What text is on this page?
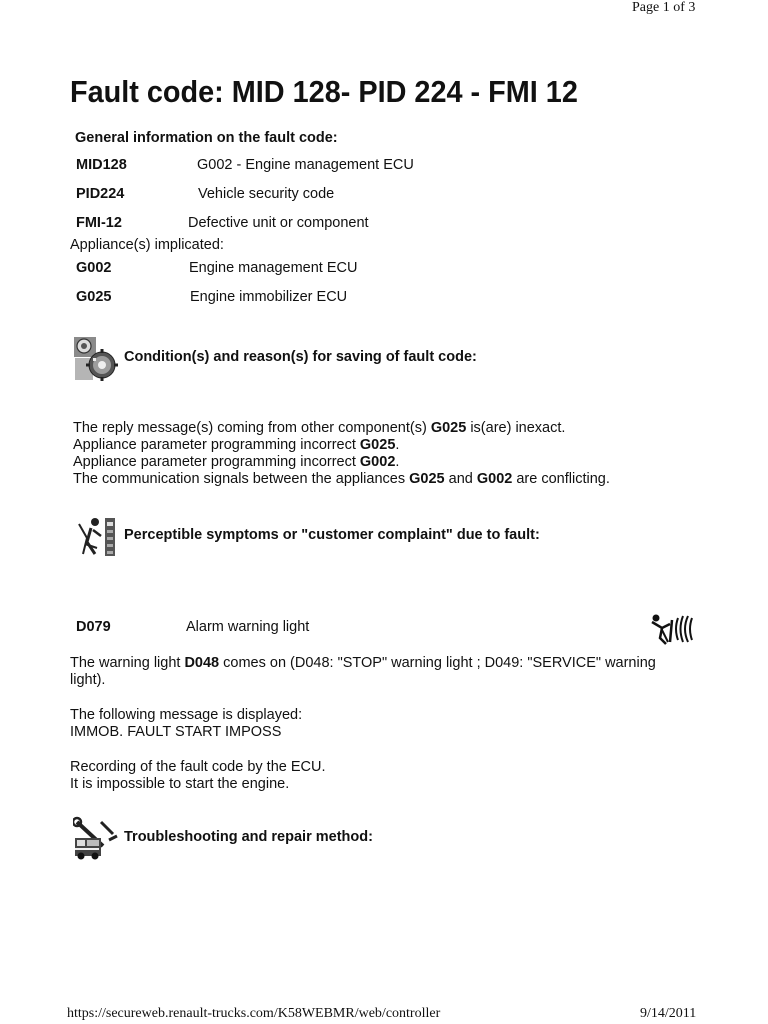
Page 1 of 3
Fault code: MID 128- PID 224 - FMI 12
General information on the fault code:
MID128	G002 - Engine management ECU
PID224	Vehicle security code
FMI-12	Defective unit or component
Appliance(s) implicated:
G002	Engine management ECU
G025	Engine immobilizer ECU
Condition(s) and reason(s) for saving of fault code:
The reply message(s) coming from other component(s) G025 is(are) inexact.
Appliance parameter programming incorrect G025.
Appliance parameter programming incorrect G002.
The communication signals between the appliances G025 and G002 are conflicting.
Perceptible symptoms or "customer complaint" due to fault:
D079	Alarm warning light
The warning light D048 comes on (D048: "STOP" warning light ; D049: "SERVICE" warning
light).
The following message is displayed:
IMMOB. FAULT START IMPOSS
Recording of the fault code by the ECU.
It is impossible to start the engine.
Troubleshooting and repair method:
https://secureweb.renault-trucks.com/K58WEBMR/web/controller	9/14/2011
